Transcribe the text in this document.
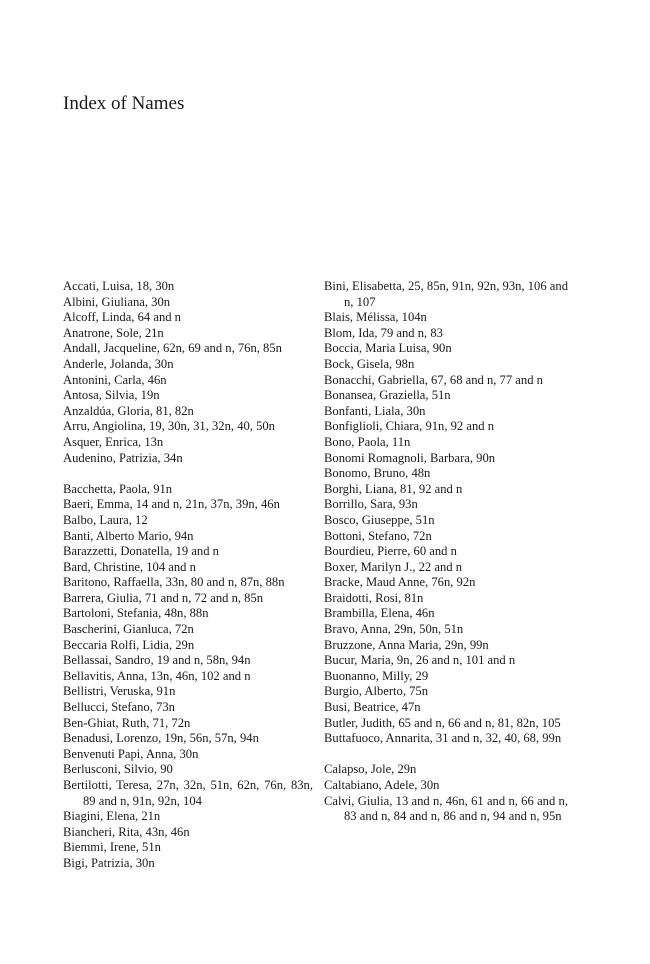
Index of Names
Accati, Luisa, 18, 30n
Albini, Giuliana, 30n
Alcoff, Linda, 64 and n
Anatrone, Sole, 21n
Andall, Jacqueline, 62n, 69 and n, 76n, 85n
Anderle, Jolanda, 30n
Antonini, Carla, 46n
Antosa, Silvia, 19n
Anzaldúa, Gloria, 81, 82n
Arru, Angiolina, 19, 30n, 31, 32n, 40, 50n
Asquer, Enrica, 13n
Audenino, Patrizia, 34n
Bacchetta, Paola, 91n
Baeri, Emma, 14 and n, 21n, 37n, 39n, 46n
Balbo, Laura, 12
Banti, Alberto Mario, 94n
Barazzetti, Donatella, 19 and n
Bard, Christine, 104 and n
Baritono, Raffaella, 33n, 80 and n, 87n, 88n
Barrera, Giulia, 71 and n, 72 and n, 85n
Bartoloni, Stefania, 48n, 88n
Bascherini, Gianluca, 72n
Beccaria Rolfi, Lidia, 29n
Bellassai, Sandro, 19 and n, 58n, 94n
Bellavitis, Anna, 13n, 46n, 102 and n
Bellistri, Veruska, 91n
Bellucci, Stefano, 73n
Ben-Ghiat, Ruth, 71, 72n
Benadusi, Lorenzo, 19n, 56n, 57n, 94n
Benvenuti Papi, Anna, 30n
Berlusconi, Silvio, 90
Bertilotti, Teresa, 27n, 32n, 51n, 62n, 76n, 83n, 89 and n, 91n, 92n, 104
Biagini, Elena, 21n
Biancheri, Rita, 43n, 46n
Biemmi, Irene, 51n
Bigi, Patrizia, 30n
Bini, Elisabetta, 25, 85n, 91n, 92n, 93n, 106 and n, 107
Blais, Mélissa, 104n
Blom, Ida, 79 and n, 83
Boccia, Maria Luisa, 90n
Bock, Gisela, 98n
Bonacchi, Gabriella, 67, 68 and n, 77 and n
Bonansea, Graziella, 51n
Bonfanti, Liala, 30n
Bonfiglioli, Chiara, 91n, 92 and n
Bono, Paola, 11n
Bonomi Romagnoli, Barbara, 90n
Bonomo, Bruno, 48n
Borghi, Liana, 81, 92 and n
Borrillo, Sara, 93n
Bosco, Giuseppe, 51n
Bottoni, Stefano, 72n
Bourdieu, Pierre, 60 and n
Boxer, Marilyn J., 22 and n
Bracke, Maud Anne, 76n, 92n
Braidotti, Rosi, 81n
Brambilla, Elena, 46n
Bravo, Anna, 29n, 50n, 51n
Bruzzone, Anna Maria, 29n, 99n
Bucur, Maria, 9n, 26 and n, 101 and n
Buonanno, Milly, 29
Burgio, Alberto, 75n
Busi, Beatrice, 47n
Butler, Judith, 65 and n, 66 and n, 81, 82n, 105
Buttafuoco, Annarita, 31 and n, 32, 40, 68, 99n
Calapso, Jole, 29n
Caltabiano, Adele, 30n
Calvi, Giulia, 13 and n, 46n, 61 and n, 66 and n, 83 and n, 84 and n, 86 and n, 94 and n, 95n
